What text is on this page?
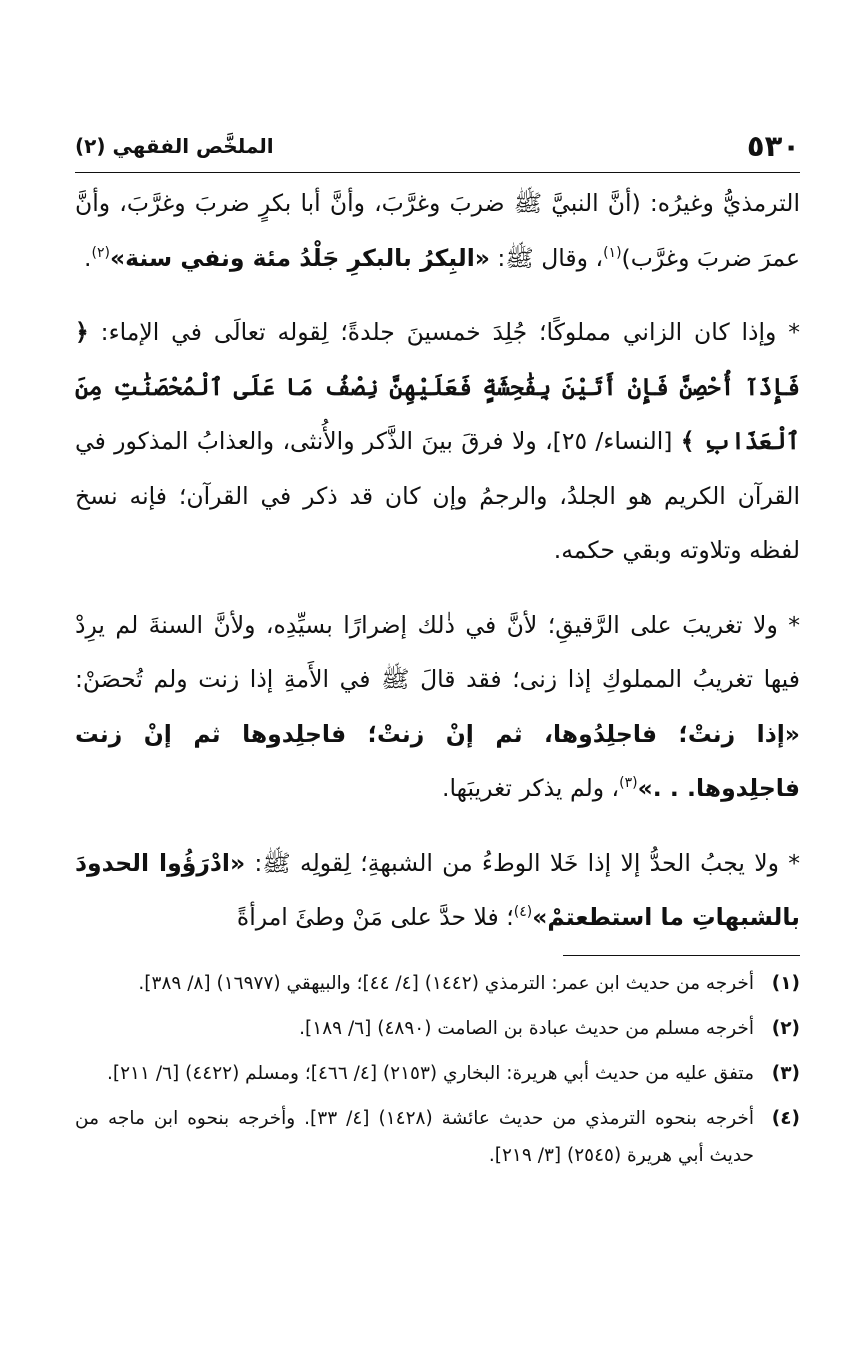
٥٣٠
الملخَّص الفقهي (٢)

الترمذيُّ وغيرُه: (أنَّ النبيَّ ﷺ ضربَ وغرَّبَ، وأنَّ أبا بكرٍ ضربَ وغرَّبَ، وأنَّ عمرَ ضربَ وغرَّب)$^{(١)}$، وقال ﷺ: «البِكرُ بالبكرِ جَلْدُ مئة ونفي سنة»$^{(٢)}$.

* وإذا كان الزاني مملوكًا؛ جُلِدَ خمسينَ جلدةً؛ لِقوله تعالَى في الإماء: ﴿ فَإِذَآ أُحْصِنَّ فَإِنْ أَتَيْنَ بِفَٰحِشَةٍ فَعَلَيْهِنَّ نِصْفُ مَا عَلَى ٱلْمُحْصَنَٰتِ مِنَ ٱلْعَذَابِ ﴾ [النساء/ ٢٥]، ولا فرقَ بينَ الذَّكر والأُنثى، والعذابُ المذكور في القرآن الكريم هو الجلدُ، والرجمُ وإن كان قد ذكر في القرآن؛ فإنه نسخ لفظه وتلاوته وبقي حكمه.

* ولا تغريبَ على الرَّقيقِ؛ لأنَّ في ذٰلك إضرارًا بسيِّدِه، ولأنَّ السنةَ لم يرِدْ فيها تغريبُ المملوكِ إذا زنى؛ فقد قالَ ﷺ في الأَمةِ إذا زنت ولم تُحصَنْ: «إذا زنتْ؛ فاجلِدُوها، ثم إنْ زنتْ؛ فاجلِدوها ثم إنْ زنت فاجلِدوها. . .»$^{(٣)}$، ولم يذكر تغريبَها.

* ولا يجبُ الحدُّ إلا إذا خَلا الوطءُ من الشبهةِ؛ لِقولِه ﷺ: «ادْرَؤُوا الحدودَ بالشبهاتِ ما استطعتمْ»$^{(٤)}$؛ فلا حدَّ على مَنْ وطئَ امرأةً

(١)
أخرجه من حديث ابن عمر: الترمذي (١٤٤٢) [٤/ ٤٤]؛ والبيهقي (١٦٩٧٧) [٨/ ٣٨٩].
(٢)
أخرجه مسلم من حديث عبادة بن الصامت (٤٨٩٠) [٦/ ١٨٩].
(٣)
متفق عليه من حديث أبي هريرة: البخاري (٢١٥٣) [٤/ ٤٦٦]؛ ومسلم (٤٤٢٢) [٦/ ٢١١].
(٤)
أخرجه بنحوه الترمذي من حديث عائشة (١٤٢٨) [٤/ ٣٣]. وأخرجه بنحوه ابن ماجه من حديث أبي هريرة (٢٥٤٥) [٣/ ٢١٩].
